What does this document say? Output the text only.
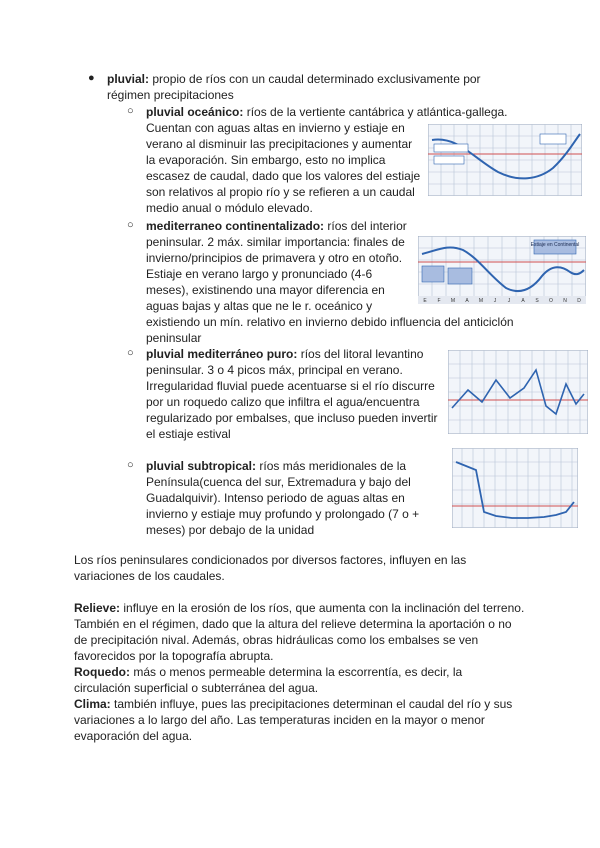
● pluvial: propio de ríos con un caudal determinado exclusivamente por

régimen precipitaciones

○ pluvial oceánico: ríos de la vertiente cantábrica y atlántica-gallega.

Cuentan con aguas altas en invierno y estiaje en

verano al disminuir las precipitaciones y aumentar

la evaporación. Sin embargo, esto no implica

escasez de caudal, dado que los valores del estiaje

son relativos al propio río y se refieren a un caudal

medio anual o módulo elevado.

○ mediterraneo continentalizado: ríos del interior

peninsular. 2 máx. similar importancia: finales de

invierno/principios de primavera y otro en otoño.

Estiaje en verano largo y pronunciado (4-6

meses), existinendo una mayor diferencia en

aguas bajas y altas que ne le r. oceánico y

existiendo un mín. relativo en invierno debido influencia del anticiclón

peninsular

Estiaje en Continental
E F M A M J J A S O N D
○ pluvial mediterráneo puro: ríos del litoral levantino

peninsular. 3 o 4 picos máx, principal en verano.

Irregularidad fluvial puede acentuarse si el río discurre

por un roquedo calizo que infiltra el agua/encuentra

regularizado por embalses, que incluso pueden invertir

el estiaje estival

○ pluvial subtropical: ríos más meridionales de la

Península(cuenca del sur, Extremadura y bajo del

Guadalquivir). Intenso periodo de aguas altas en

invierno y estiaje muy profundo y prolongado (7 o +

meses) por debajo de la unidad

Los ríos peninsulares condicionados por diversos factores, influyen en las

variaciones de los caudales.

Relieve: influye en la erosión de los ríos, que aumenta con la inclinación del terreno.

También en el régimen, dado que la altura del relieve determina la aportación o no

de precipitación nival. Además, obras hidráulicas como los embalses se ven

favorecidos por la topografía abrupta.

Roquedo: más o menos permeable determina la escorrentía, es decir, la

circulación superficial o subterránea del agua.

Clima: también influye, pues las precipitaciones determinan el caudal del río y sus

variaciones a lo largo del año. Las temperaturas inciden en la mayor o menor

evaporación del agua.
